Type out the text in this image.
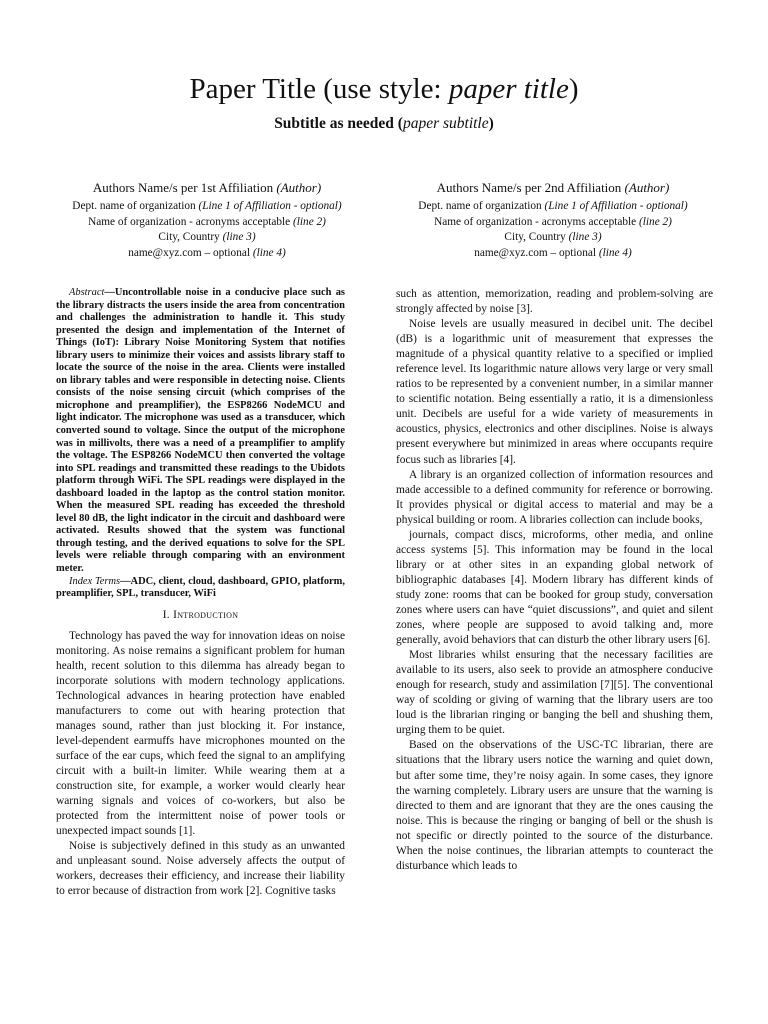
Paper Title (use style: paper title)
Subtitle as needed (paper subtitle)
Authors Name/s per 1st Affiliation (Author)
Dept. name of organization (Line 1 of Affiliation - optional)
Name of organization - acronyms acceptable (line 2)
City, Country (line 3)
name@xyz.com – optional (line 4)
Authors Name/s per 2nd Affiliation (Author)
Dept. name of organization (Line 1 of Affiliation - optional)
Name of organization - acronyms acceptable (line 2)
City, Country (line 3)
name@xyz.com – optional (line 4)

Abstract—Uncontrollable noise in a conducive place such as the library distracts the users inside the area from concentration and challenges the administration to handle it. This study presented the design and implementation of the Internet of Things (IoT): Library Noise Monitoring System that notifies library users to minimize their voices and assists library staff to locate the source of the noise in the area. Clients were installed on library tables and were responsible in detecting noise. Clients consists of the noise sensing circuit (which comprises of the microphone and preamplifier), the ESP8266 NodeMCU and light indicator. The microphone was used as a transducer, which converted sound to voltage. Since the output of the microphone was in millivolts, there was a need of a preamplifier to amplify the voltage. The ESP8266 NodeMCU then converted the voltage into SPL readings and transmitted these readings to the Ubidots platform through WiFi. The SPL readings were displayed in the dashboard loaded in the laptop as the control station monitor. When the measured SPL reading has exceeded the threshold level 80 dB, the light indicator in the circuit and dashboard were activated. Results showed that the system was functional through testing, and the derived equations to solve for the SPL levels were reliable through comparing with an environment meter.

Index Terms—ADC, client, cloud, dashboard, GPIO, platform, preamplifier, SPL, transducer, WiFi

I. Introduction

Technology has paved the way for innovation ideas on noise monitoring. As noise remains a significant problem for human health, recent solution to this dilemma has already began to incorporate solutions with modern technology applications. Technological advances in hearing protection have enabled manufacturers to come out with hearing protection that manages sound, rather than just blocking it. For instance, level-dependent earmuffs have microphones mounted on the surface of the ear cups, which feed the signal to an amplifying circuit with a built-in limiter. While wearing them at a construction site, for example, a worker would clearly hear warning signals and voices of co-workers, but also be protected from the intermittent noise of power tools or unexpected impact sounds [1].

Noise is subjectively defined in this study as an unwanted and unpleasant sound. Noise adversely affects the output of workers, decreases their efficiency, and increase their liability to error because of distraction from work [2]. Cognitive tasks

such as attention, memorization, reading and problem-solving are strongly affected by noise [3].

Noise levels are usually measured in decibel unit. The decibel (dB) is a logarithmic unit of measurement that expresses the magnitude of a physical quantity relative to a specified or implied reference level. Its logarithmic nature allows very large or very small ratios to be represented by a convenient number, in a similar manner to scientific notation. Being essentially a ratio, it is a dimensionless unit. Decibels are useful for a wide variety of measurements in acoustics, physics, electronics and other disciplines. Noise is always present everywhere but minimized in areas where occupants require focus such as libraries [4].

A library is an organized collection of information resources and made accessible to a defined community for reference or borrowing. It provides physical or digital access to material and may be a physical building or room. A libraries collection can include books,

journals, compact discs, microforms, other media, and online access systems [5]. This information may be found in the local library or at other sites in an expanding global network of bibliographic databases [4]. Modern library has different kinds of study zone: rooms that can be booked for group study, conversation zones where users can have “quiet discussions”, and quiet and silent zones, where people are supposed to avoid talking and, more generally, avoid behaviors that can disturb the other library users [6].

Most libraries whilst ensuring that the necessary facilities are available to its users, also seek to provide an atmosphere conducive enough for research, study and assimilation [7][5]. The conventional way of scolding or giving of warning that the library users are too loud is the librarian ringing or banging the bell and shushing them, urging them to be quiet.

Based on the observations of the USC-TC librarian, there are situations that the library users notice the warning and quiet down, but after some time, they’re noisy again. In some cases, they ignore the warning completely. Library users are unsure that the warning is directed to them and are ignorant that they are the ones causing the noise. This is because the ringing or banging of bell or the shush is not specific or directly pointed to the source of the disturbance. When the noise continues, the librarian attempts to counteract the disturbance which leads to
